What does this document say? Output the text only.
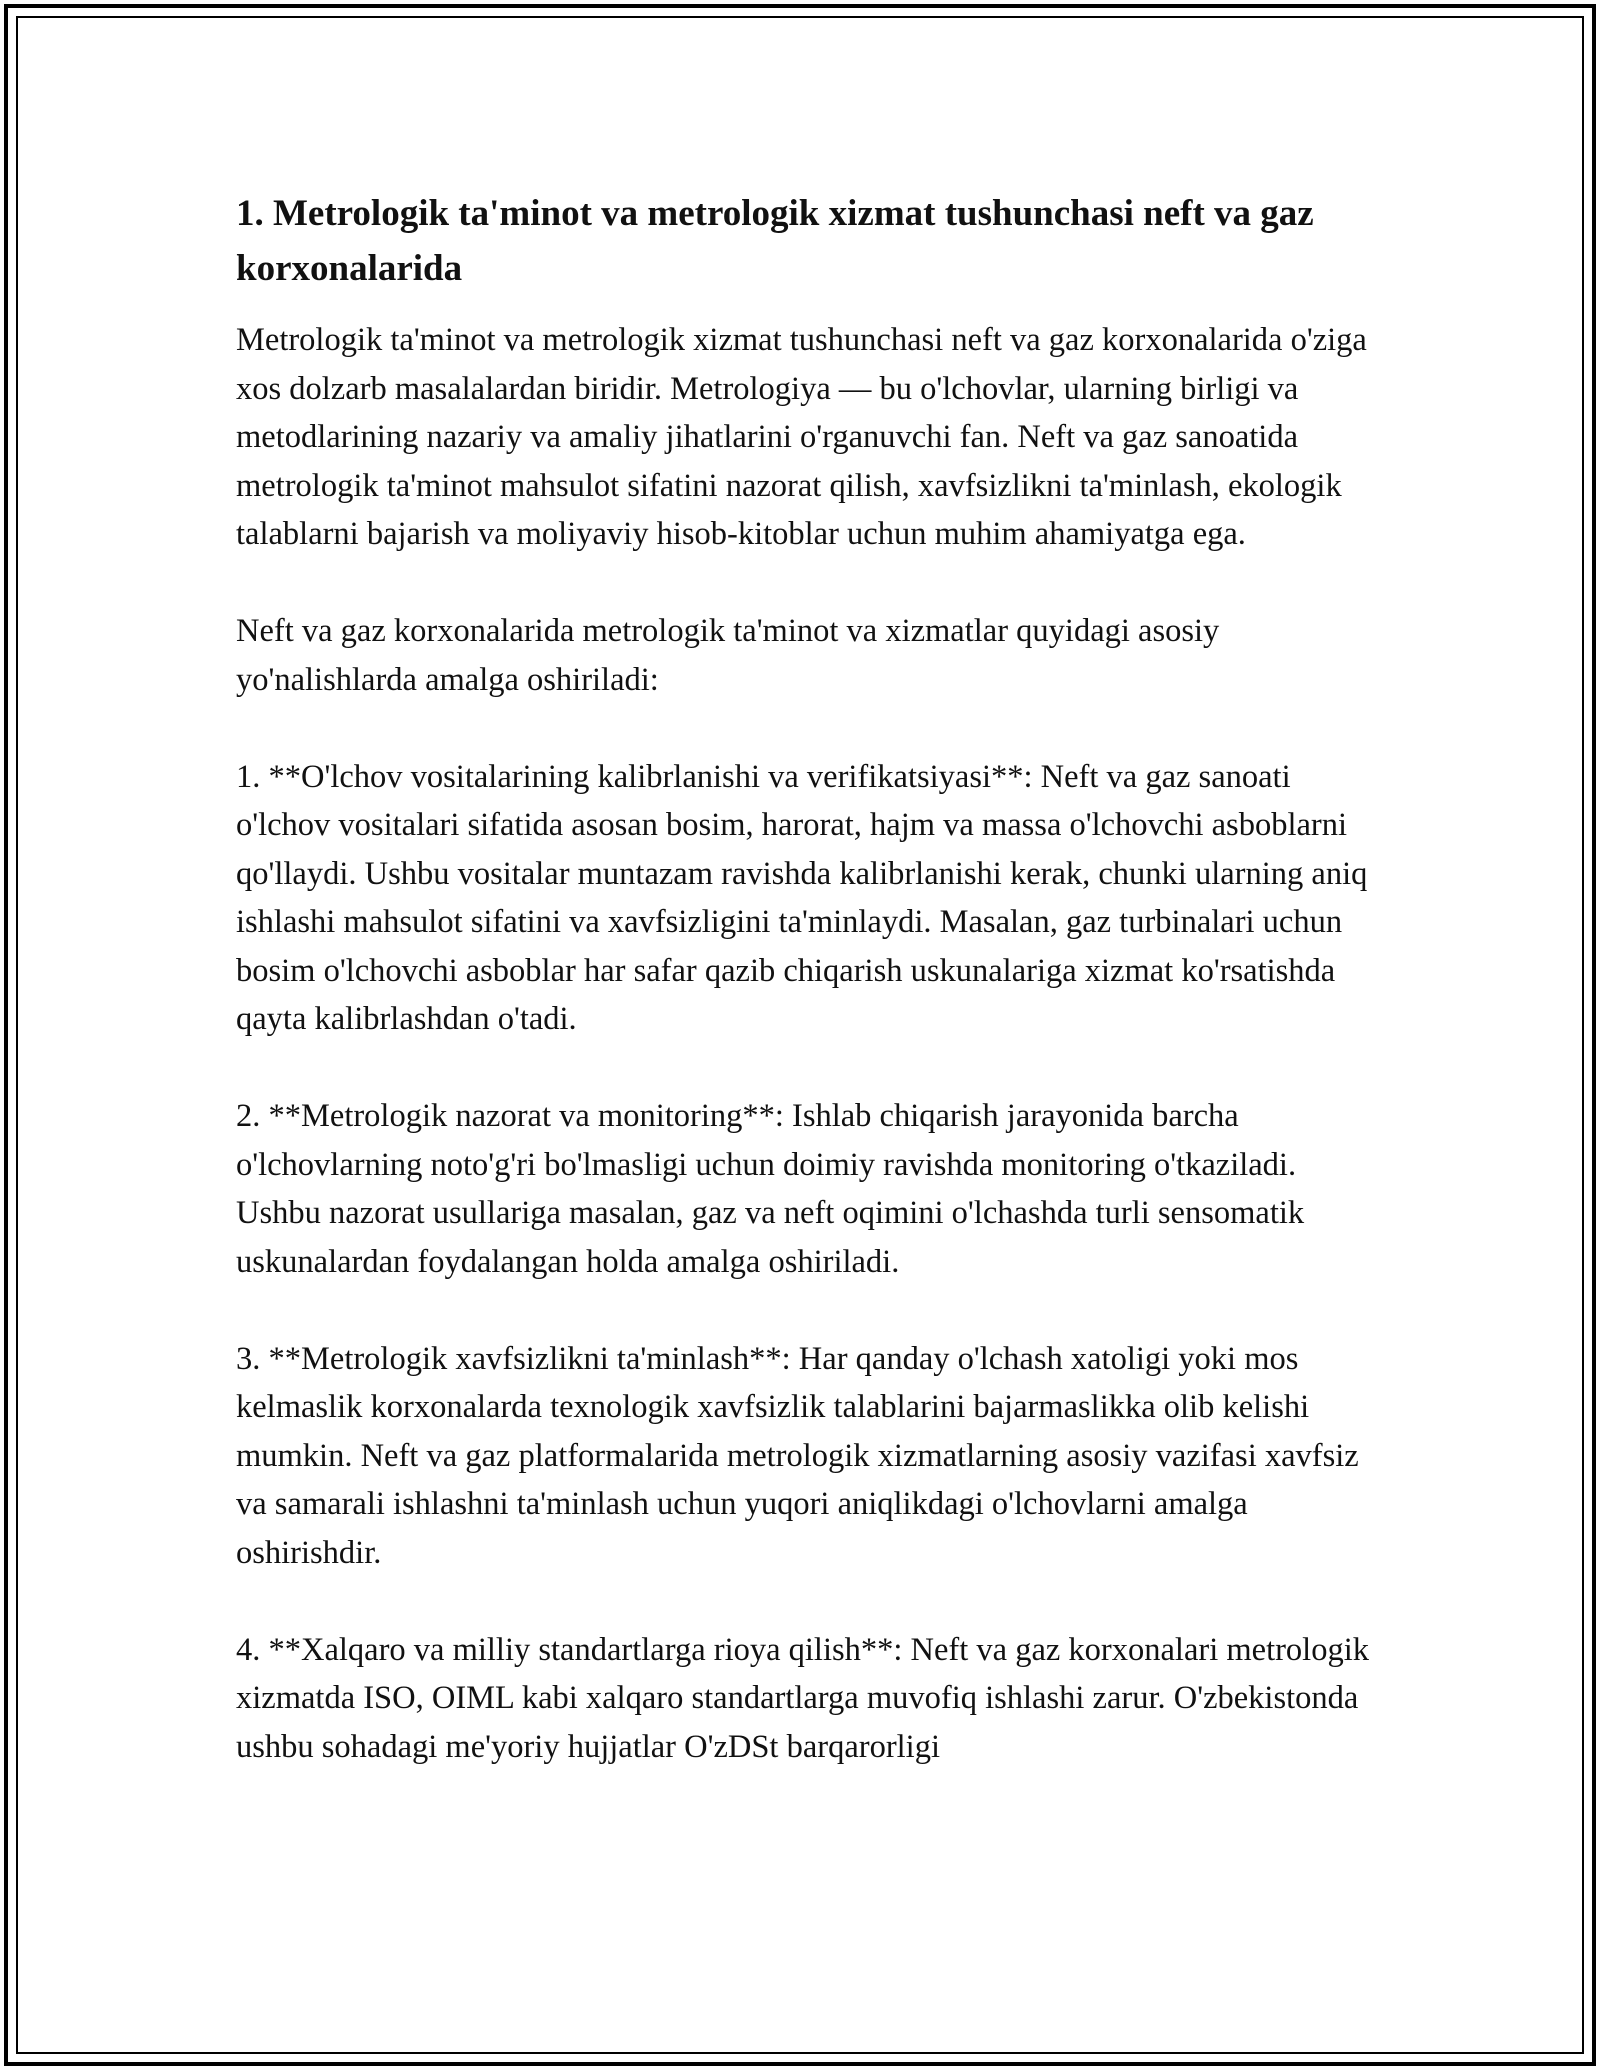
1. Metrologik ta'minot va metrologik xizmat tushunchasi neft va gaz korxonalarida

Metrologik ta'minot va metrologik xizmat tushunchasi neft va gaz korxonalarida o'ziga xos dolzarb masalalardan biridir. Metrologiya — bu o'lchovlar, ularning birligi va metodlarining nazariy va amaliy jihatlarini o'rganuvchi fan. Neft va gaz sanoatida metrologik ta'minot mahsulot sifatini nazorat qilish, xavfsizlikni ta'minlash, ekologik talablarni bajarish va moliyaviy hisob-kitoblar uchun muhim ahamiyatga ega.

Neft va gaz korxonalarida metrologik ta'minot va xizmatlar quyidagi asosiy yo'nalishlarda amalga oshiriladi:

1. **O'lchov vositalarining kalibrlanishi va verifikatsiyasi**: Neft va gaz sanoati o'lchov vositalari sifatida asosan bosim, harorat, hajm va massa o'lchovchi asboblarni qo'llaydi. Ushbu vositalar muntazam ravishda kalibrlanishi kerak, chunki ularning aniq ishlashi mahsulot sifatini va xavfsizligini ta'minlaydi. Masalan, gaz turbinalari uchun bosim o'lchovchi asboblar har safar qazib chiqarish uskunalariga xizmat ko'rsatishda qayta kalibrlashdan o'tadi.

2. **Metrologik nazorat va monitoring**: Ishlab chiqarish jarayonida barcha o'lchovlarning noto'g'ri bo'lmasligi uchun doimiy ravishda monitoring o'tkaziladi. Ushbu nazorat usullariga masalan, gaz va neft oqimini o'lchashda turli sensomatik uskunalardan foydalangan holda amalga oshiriladi.

3. **Metrologik xavfsizlikni ta'minlash**: Har qanday o'lchash xatoligi yoki mos kelmaslik korxonalarda texnologik xavfsizlik talablarini bajarmaslikka olib kelishi mumkin. Neft va gaz platformalarida metrologik xizmatlarning asosiy vazifasi xavfsiz va samarali ishlashni ta'minlash uchun yuqori aniqlikdagi o'lchovlarni amalga oshirishdir.

4. **Xalqaro va milliy standartlarga rioya qilish**: Neft va gaz korxonalari metrologik xizmatda ISO, OIML kabi xalqaro standartlarga muvofiq ishlashi zarur. O'zbekistonda ushbu sohadagi me'yoriy hujjatlar O'zDSt barqarorligi
